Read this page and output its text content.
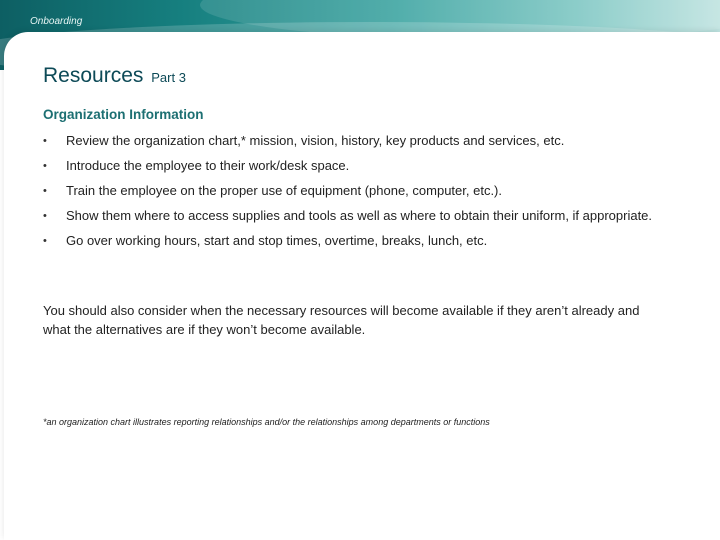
Onboarding
Resources Part 3
Organization Information
• Review the organization chart,* mission, vision, history, key products and services, etc.
• Introduce the employee to their work/desk space.
• Train the employee on the proper use of equipment (phone, computer, etc.).
• Show them where to access supplies and tools as well as where to obtain their uniform, if appropriate.
• Go over working hours, start and stop times, overtime, breaks, lunch, etc.
You should also consider when the necessary resources will become available if they aren’t already and what the alternatives are if they won’t become available.
*an organization chart illustrates reporting relationships and/or the relationships among departments or functions
